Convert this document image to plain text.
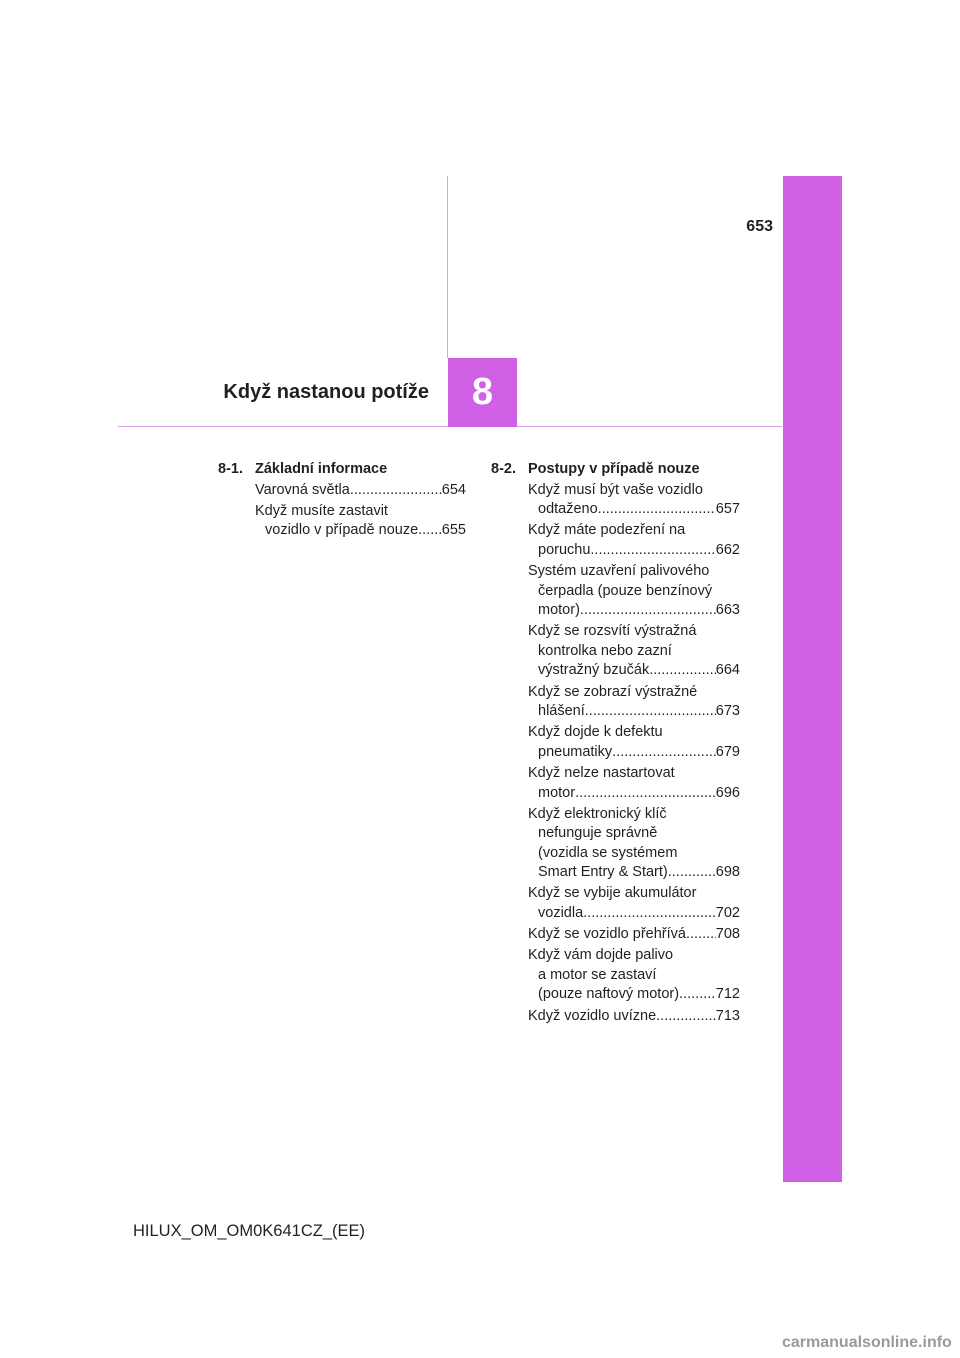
653
Když nastanou potíže	8
8-1. Základní informace
Varovná světla .....	654
Když musíte zastavit
vozidlo v případě nouze ..... 655
8-2. Postupy v případě nouze
Když musí být vaše vozidlo
odtaženo .....	657
Když máte podezření na
poruchu .....	662
Systém uzavření palivového
čerpadla (pouze benzínový
motor) .....	663
Když se rozsvítí výstražná
kontrolka nebo zazní
výstražný bzučák .....	664
Když se zobrazí výstražné
hlášení .....	673
Když dojde k defektu
pneumatiky .....	679
Když nelze nastartovat
motor .....	696
Když elektronický klíč
nefunguje správně
(vozidla se systémem
Smart Entry & Start) .....	698
Když se vybije akumulátor
vozidla .....	702
Když se vozidlo přehřívá ..... 708
Když vám dojde palivo
a motor se zastaví
(pouze naftový motor) .....	712
Když vozidlo uvízne .....	713
HILUX_OM_OM0K641CZ_(EE)
carmanualsonline.info
